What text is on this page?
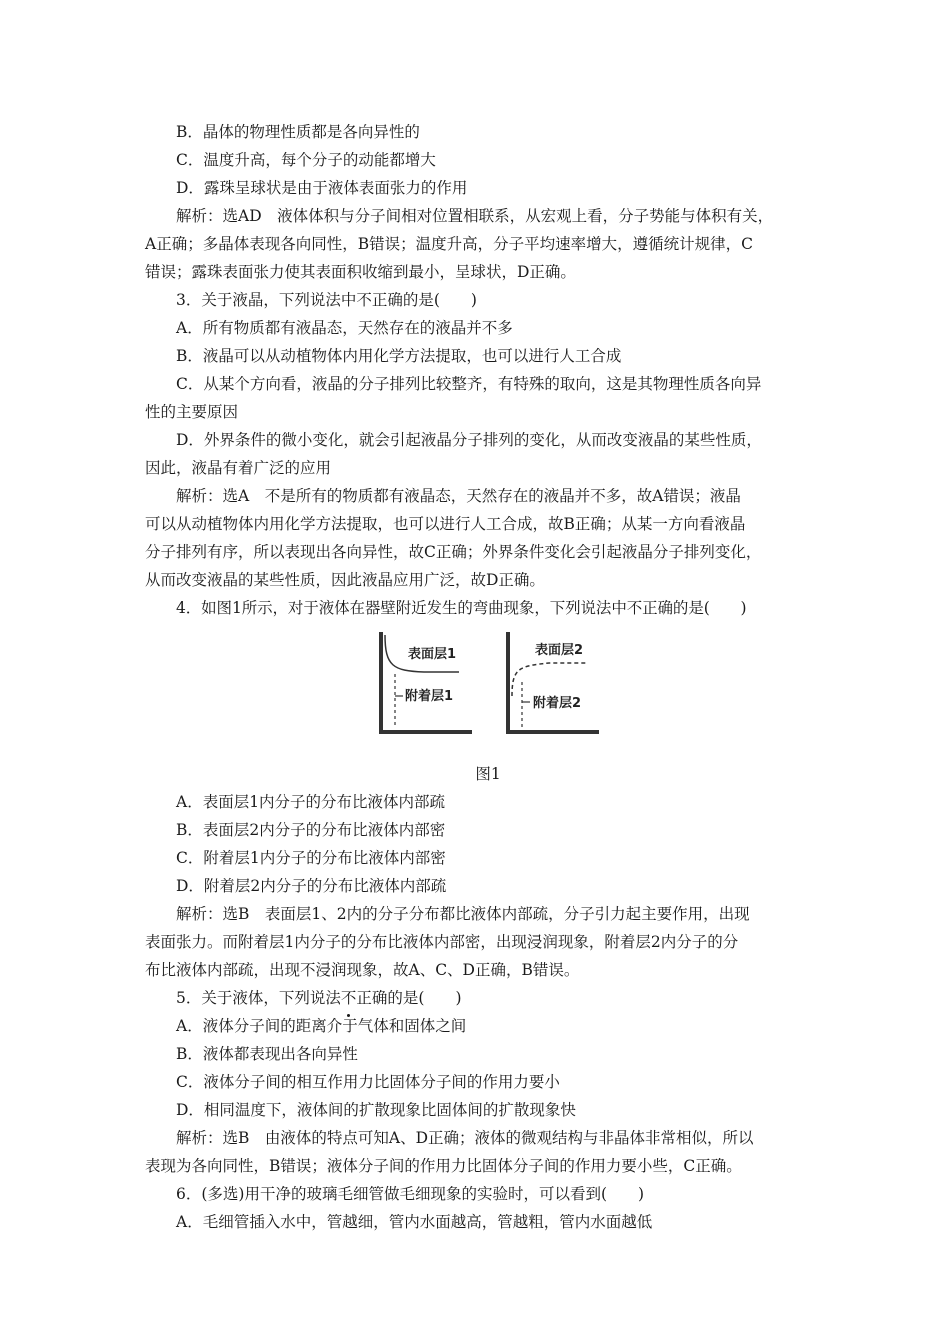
B．晶体的物理性质都是各向异性的
C．温度升高，每个分子的动能都增大
D．露珠呈球状是由于液体表面张力的作用
解析：选AD　液体体积与分子间相对位置相联系，从宏观上看，分子势能与体积有关，
A正确；多晶体表现各向同性，B错误；温度升高，分子平均速率增大，遵循统计规律，C
错误；露珠表面张力使其表面积收缩到最小，呈球状，D正确。
3．关于液晶，下列说法中不正确的是(　　)
A．所有物质都有液晶态，天然存在的液晶并不多
B．液晶可以从动植物体内用化学方法提取，也可以进行人工合成
C．从某个方向看，液晶的分子排列比较整齐，有特殊的取向，这是其物理性质各向异
性的主要原因
D．外界条件的微小变化，就会引起液晶分子排列的变化，从而改变液晶的某些性质，
因此，液晶有着广泛的应用
解析：选A　不是所有的物质都有液晶态，天然存在的液晶并不多，故A错误；液晶
可以从动植物体内用化学方法提取，也可以进行人工合成，故B正确；从某一方向看液晶
分子排列有序，所以表现出各向异性，故C正确；外界条件变化会引起液晶分子排列变化，
从而改变液晶的某些性质，因此液晶应用广泛，故D正确。
4．如图1所示，对于液体在器壁附近发生的弯曲现象，下列说法中不正确的是(　　)
表面层1
附着层1
表面层2
附着层2
图1
A．表面层1内分子的分布比液体内部疏
B．表面层2内分子的分布比液体内部密
C．附着层1内分子的分布比液体内部密
D．附着层2内分子的分布比液体内部疏
解析：选B　表面层1、2内的分子分布都比液体内部疏，分子引力起主要作用，出现
表面张力。而附着层1内分子的分布比液体内部密，出现浸润现象，附着层2内分子的分
布比液体内部疏，出现不浸润现象，故A、C、D正确，B错误。
5．关于液体，下列说法不正确的是(　　)
A．液体分子间的距离介于气体和固体之间
B．液体都表现出各向异性
C．液体分子间的相互作用力比固体分子间的作用力要小
D．相同温度下，液体间的扩散现象比固体间的扩散现象快
解析：选B　由液体的特点可知A、D正确；液体的微观结构与非晶体非常相似，所以
表现为各向同性，B错误；液体分子间的作用力比固体分子间的作用力要小些，C正确。
6．(多选)用干净的玻璃毛细管做毛细现象的实验时，可以看到(　　)
A．毛细管插入水中，管越细，管内水面越高，管越粗，管内水面越低
